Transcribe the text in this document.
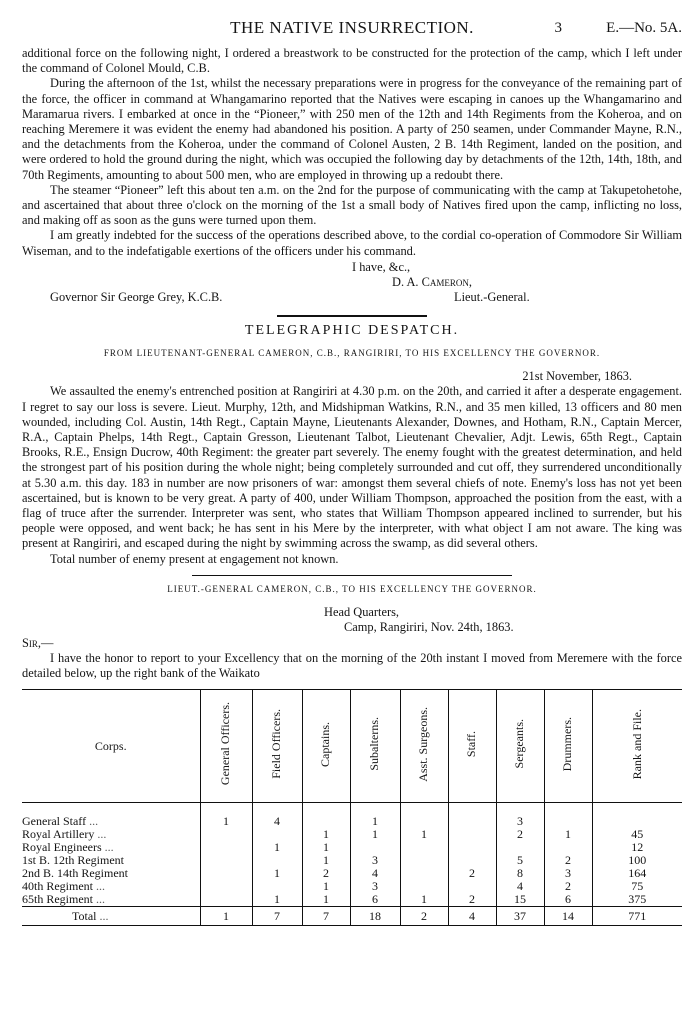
THE NATIVE INSURRECTION.	3	E.—No. 5A.

additional force on the following night, I ordered a breastwork to be constructed for the protection of the camp, which I left under the command of Colonel Mould, C.B.

During the afternoon of the 1st, whilst the necessary preparations were in progress for the conveyance of the remaining part of the force, the officer in command at Whangamarino reported that the Natives were escaping in canoes up the Whangamarino and Maramarua rivers. I embarked at once in the “Pioneer,” with 250 men of the 12th and 14th Regiments from the Koheroa, and on reaching Meremere it was evident the enemy had abandoned his position. A party of 250 seamen, under Commander Mayne, R.N., and the detachments from the Koheroa, under the command of Colonel Austen, 2 B. 14th Regiment, landed on the position, and were ordered to hold the ground during the night, which was occupied the following day by detachments of the 12th, 14th, 18th, and 70th Regiments, amounting to about 500 men, who are employed in throwing up a redoubt there.

The steamer “Pioneer” left this about ten a.m. on the 2nd for the purpose of communicating with the camp at Takupetohetohe, and ascertained that about three o'clock on the morning of the 1st a small body of Natives fired upon the camp, inflicting no loss, and making off as soon as the guns were turned upon them.

I am greatly indebted for the success of the operations described above, to the cordial co-operation of Commodore Sir William Wiseman, and to the indefatigable exertions of the officers under his command.

I have, &c.,
D. A. Cameron,
Governor Sir George Grey, K.C.B.	Lieut.-General.
TELEGRAPHIC DESPATCH.
FROM LIEUTENANT-GENERAL CAMERON, C.B., RANGIRIRI, TO HIS EXCELLENCY THE GOVERNOR.
21st November, 1863.

We assaulted the enemy's entrenched position at Rangiriri at 4.30 p.m. on the 20th, and carried it after a desperate engagement. I regret to say our loss is severe. Lieut. Murphy, 12th, and Midshipman Watkins, R.N., and 35 men killed, 13 officers and 80 men wounded, including Col. Austin, 14th Regt., Captain Mayne, Lieutenants Alexander, Downes, and Hotham, R.N., Captain Mercer, R.A., Captain Phelps, 14th Regt., Captain Gresson, Lieutenant Talbot, Lieutenant Chevalier, Adjt. Lewis, 65th Regt., Captain Brooks, R.E., Ensign Ducrow, 40th Regiment: the greater part severely. The enemy fought with the greatest determination, and held the strongest part of his position during the whole night; being completely surrounded and cut off, they surrendered unconditionally at 5.30 a.m. this day. 183 in number are now prisoners of war: amongst them several chiefs of note. Enemy's loss has not yet been ascertained, but is known to be very great. A party of 400, under William Thompson, approached the position from the east, with a flag of truce after the surrender. Interpreter was sent, who states that William Thompson appeared inclined to surrender, but his people were opposed, and went back; he has sent in his Mere by the interpreter, with what object I am not aware. The king was present at Rangiriri, and escaped during the night by swimming across the swamp, as did several others.

Total number of enemy present at engagement not known.

LIEUT.-GENERAL CAMERON, C.B., TO HIS EXCELLENCY THE GOVERNOR.
Head Quarters,
Camp, Rangiriri, Nov. 24th, 1863.
Sir,—

I have the honor to report to your Excellency that on the morning of the 20th instant I moved from Meremere with the force detailed below, up the right bank of the Waikato

Corps.	General Officers.	Field Officers.	Captains.	Subalterns.	Asst. Surgeons.	Staff.	Sergeants.	Drummers.	Rank and File.
General Staff ...	1	4		1			3		
Royal Artillery ...			1	1	1		2	1	45
Royal Engineers ...		1	1						12
1st B. 12th Regiment			1	3			5	2	100
2nd B. 14th Regiment		1	2	4		2	8	3	164
40th Regiment ...			1	3			4	2	75
65th Regiment ...		1	1	6	1	2	15	6	375
Total ...	1	7	7	18	2	4	37	14	771
